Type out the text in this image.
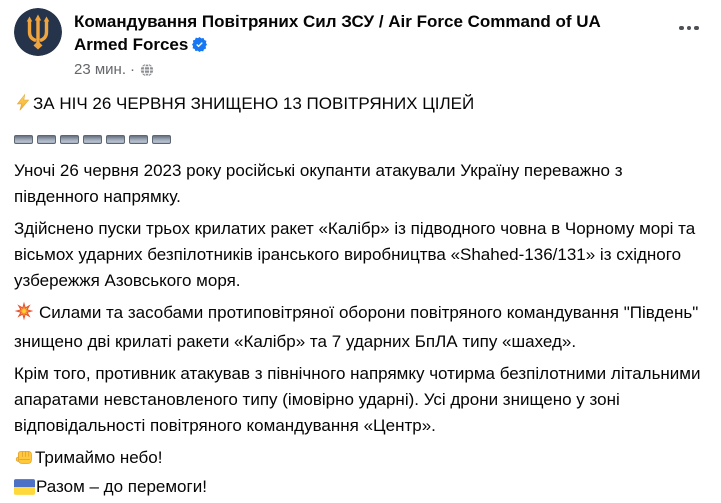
Командування Повітряних Сил ЗСУ / Air Force Command of UA Armed Forces
23 мин. ·

ЗА НІЧ 26 ЧЕРВНЯ ЗНИЩЕНО 13 ПОВІТРЯНИХ ЦІЛЕЙ

Уночі 26 червня 2023 року російські окупанти атакували Україну переважно з південного напрямку.

Здійснено пуски трьох крилатих ракет «Калібр» із підводного човна в Чорному морі та вісьмох ударних безпілотників іранського виробництва «Shahed-136/131» із східного узбережжя Азовського моря.

Силами та засобами протиповітряної оборони повітряного командування "Південь" знищено дві крилаті ракети «Калібр» та 7 ударних БпЛА типу «шахед».

Крім того, противник атакував з північного напрямку чотирма безпілотними літальними апаратами невстановленого типу (імовірно ударні). Усі дрони знищено у зоні відповідальності повітряного командування «Центр».

Тримаймо небо!

Разом – до перемоги!
